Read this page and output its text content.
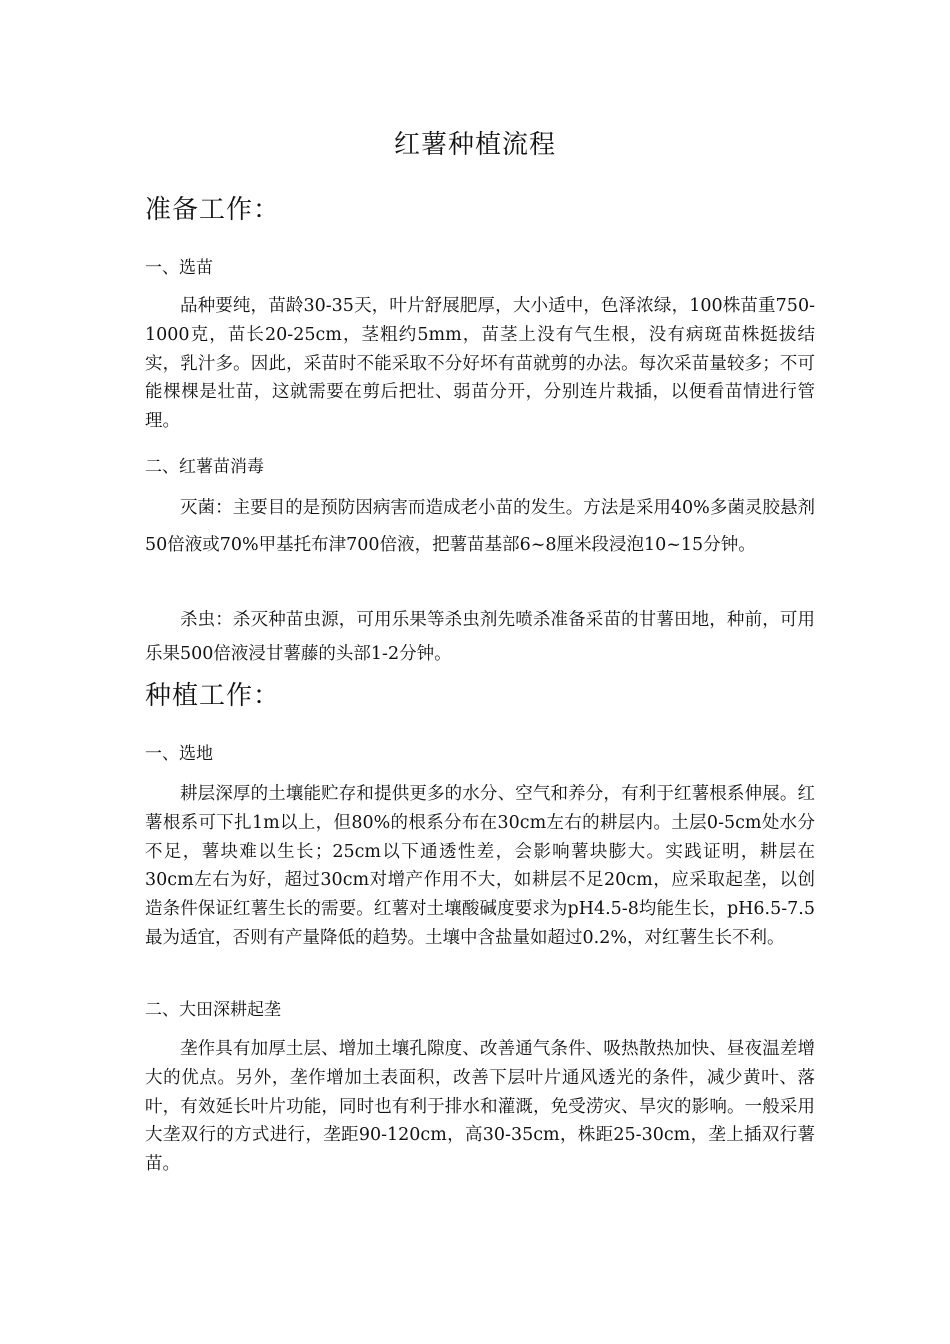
红薯种植流程
准备工作：
一、选苗
品种要纯，苗龄30-35天，叶片舒展肥厚，大小适中，色泽浓绿，100株苗重750-1000克，苗长20-25cm，茎粗约5mm，苗茎上没有气生根，没有病斑苗株挺拔结实，乳汁多。因此，采苗时不能采取不分好坏有苗就剪的办法。每次采苗量较多；不可能棵棵是壮苗，这就需要在剪后把壮、弱苗分开，分别连片栽插，以便看苗情进行管理。
二、红薯苗消毒
灭菌：主要目的是预防因病害而造成老小苗的发生。方法是采用40%多菌灵胶悬剂50倍液或70%甲基托布津700倍液，把薯苗基部6~8厘米段浸泡10~15分钟。
杀虫：杀灭种苗虫源，可用乐果等杀虫剂先喷杀准备采苗的甘薯田地，种前，可用乐果500倍液浸甘薯藤的头部1-2分钟。
种植工作：
一、选地
耕层深厚的土壤能贮存和提供更多的水分、空气和养分，有利于红薯根系伸展。红薯根系可下扎1m以上，但80%的根系分布在30cm左右的耕层内。土层0-5cm处水分不足，薯块难以生长；25cm以下通透性差，会影响薯块膨大。实践证明，耕层在30cm左右为好，超过30cm对增产作用不大，如耕层不足20cm，应采取起垄，以创造条件保证红薯生长的需要。红薯对土壤酸碱度要求为pH4.5-8均能生长，pH6.5-7.5最为适宜，否则有产量降低的趋势。土壤中含盐量如超过0.2%，对红薯生长不利。
二、大田深耕起垄
垄作具有加厚土层、增加土壤孔隙度、改善通气条件、吸热散热加快、昼夜温差增大的优点。另外，垄作增加土表面积，改善下层叶片通风透光的条件，减少黄叶、落叶，有效延长叶片功能，同时也有利于排水和灌溉，免受涝灾、旱灾的影响。一般采用大垄双行的方式进行，垄距90-120cm，高30-35cm，株距25-30cm，垄上插双行薯苗。
